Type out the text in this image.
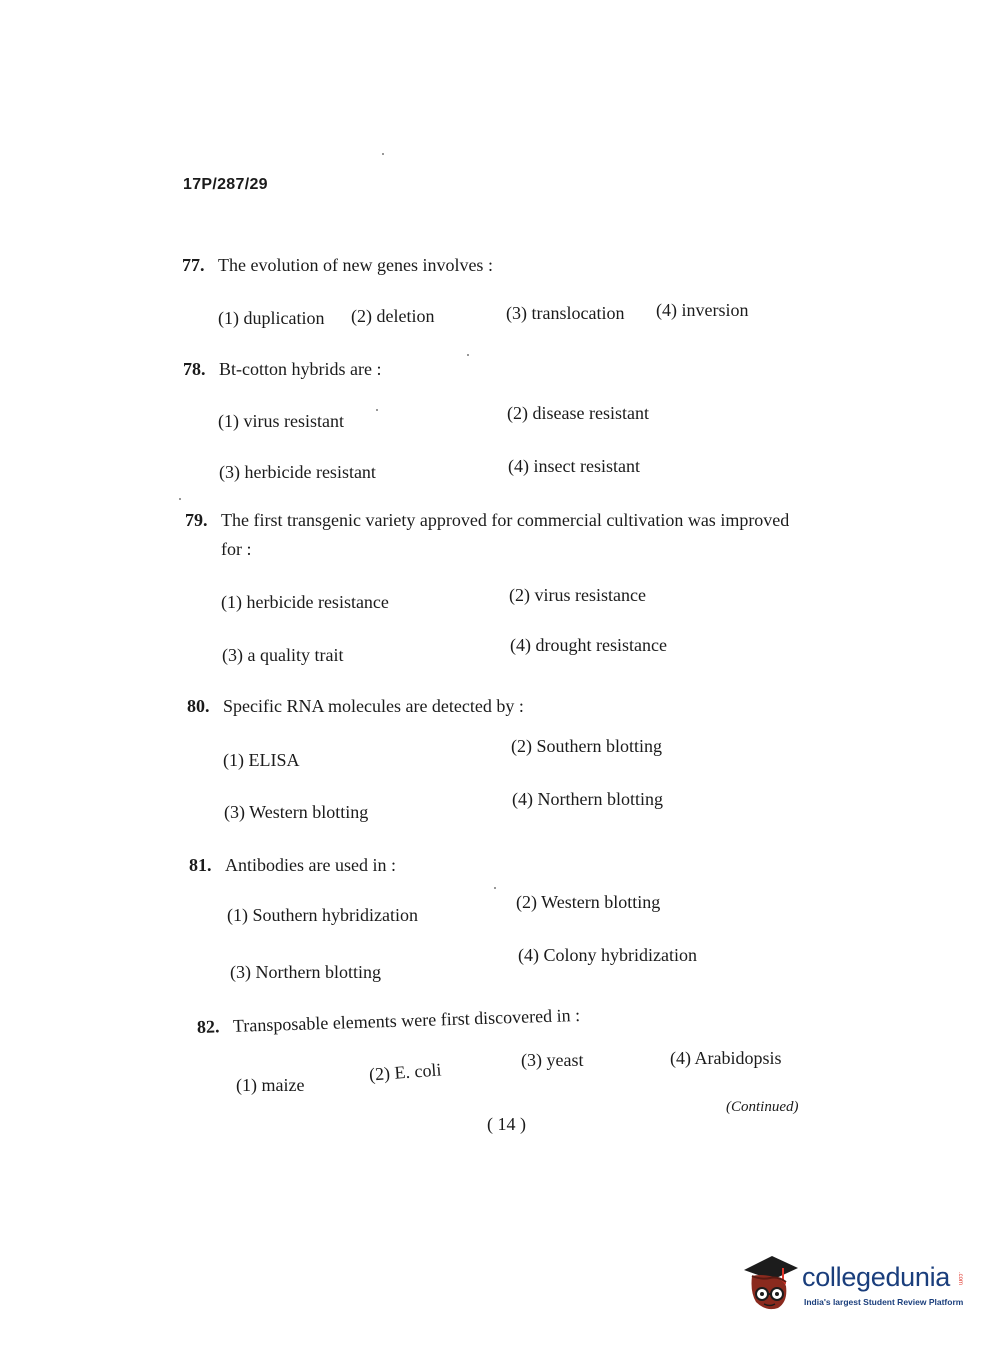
17P/287/29
77. The evolution of new genes involves :
(1) duplication (2) deletion	(3) translocation (4) inversion
78. Bt-cotton hybrids are :
(1) virus resistant	(2) disease resistant
(3) herbicide resistant	(4) insect resistant
79. The first transgenic variety approved for commercial cultivation was improved
for :
(1) herbicide resistance	(2) virus resistance
(3) a quality trait	(4) drought resistance
80. Specific RNA molecules are detected by :
(1) ELISA
(2) Southern blotting
(3) Western blotting
(4) Northern blotting
81. Antibodies are used in :
(1) Southern hybridization
(2) Western blotting
(3) Northern blotting
(4) Colony hybridization
82. Transposable elements were first discovered in :
(1) maize
(2) E. coli	(3) yeast	(4) Arabidopsis
(Continued)
( 14 )
collegedunia .com
India's largest Student Review Platform
